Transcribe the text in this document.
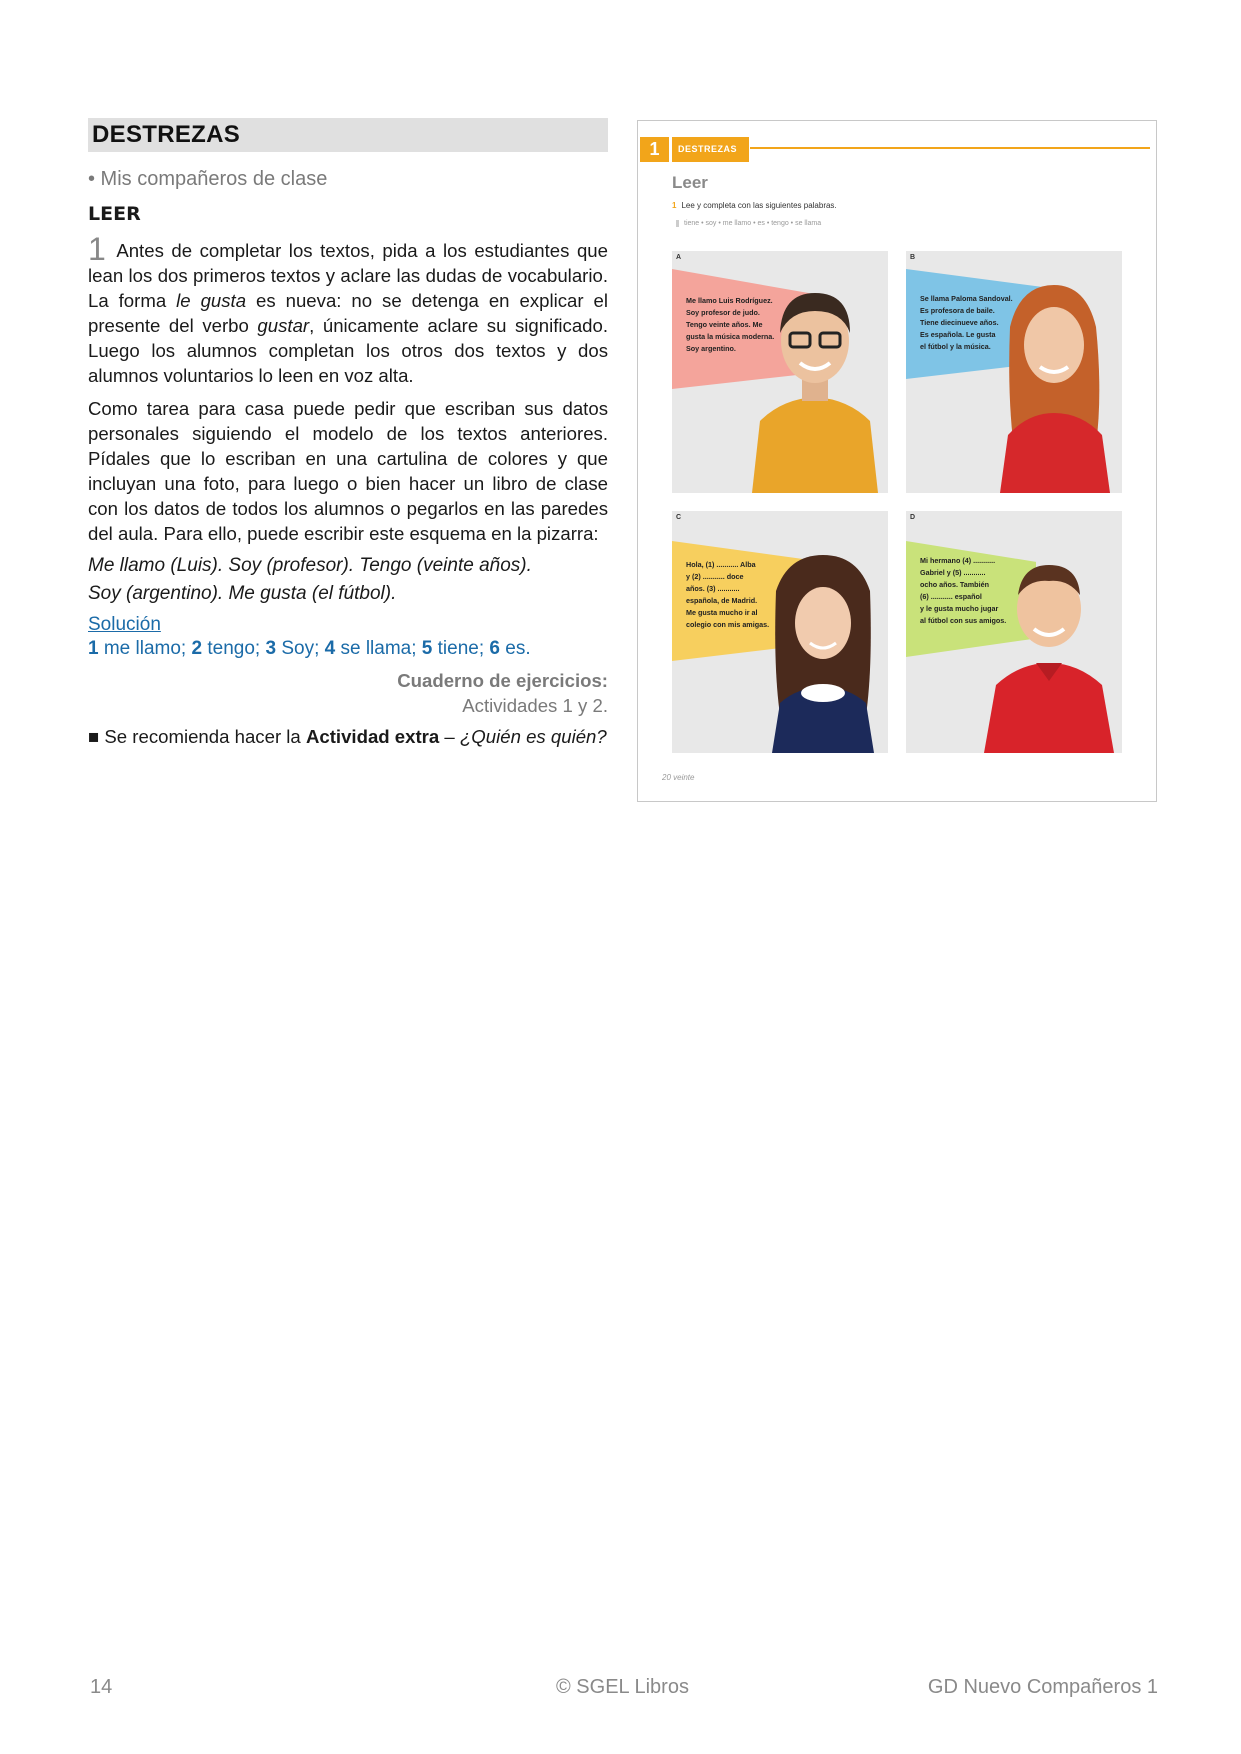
DESTREZAS
• Mis compañeros de clase
LEER

1 Antes de completar los textos, pida a los estudiantes que lean los dos primeros textos y aclare las dudas de vocabulario. La forma le gusta es nueva: no se detenga en explicar el presente del verbo gustar, únicamente aclare su significado. Luego los alumnos completan los otros dos textos y dos alumnos voluntarios lo leen en voz alta.

Como tarea para casa puede pedir que escriban sus datos personales siguiendo el modelo de los textos anteriores. Pídales que lo escriban en una cartulina de colores y que incluyan una foto, para luego o bien hacer un libro de clase con los datos de todos los alumnos o pegarlos en las paredes del aula. Para ello, puede escribir este esquema en la pizarra:

Me llamo (Luis). Soy (profesor). Tengo (veinte años).
Soy (argentino). Me gusta (el fútbol).
Solución
1 me llamo; 2 tengo; 3 Soy; 4 se llama; 5 tiene; 6 es.
Cuaderno de ejercicios:
Actividades 1 y 2.
■ Se recomienda hacer la Actividad extra – ¿Quién es quién?
1	DESTREZAS
Leer
1 Lee y completa con las siguientes palabras.
tiene • soy • me llamo • es • tengo • se llama
A
Me llamo Luis Rodríguez.
Soy profesor de judo.
Tengo veinte años. Me
gusta la música moderna.
Soy argentino.
B
Se llama Paloma Sandoval.
Es profesora de baile.
Tiene diecinueve años.
Es española. Le gusta
el fútbol y la música.
C
Hola, (1) ........... Alba
y (2) ........... doce
años. (3) ...........
española, de Madrid.
Me gusta mucho ir al
colegio con mis amigas.
D
Mi hermano (4) ...........
Gabriel y (5) ...........
ocho años. También
(6) ........... español
y le gusta mucho jugar
al fútbol con sus amigos.
20 veinte
14	© SGEL Libros	GD Nuevo Compañeros 1
